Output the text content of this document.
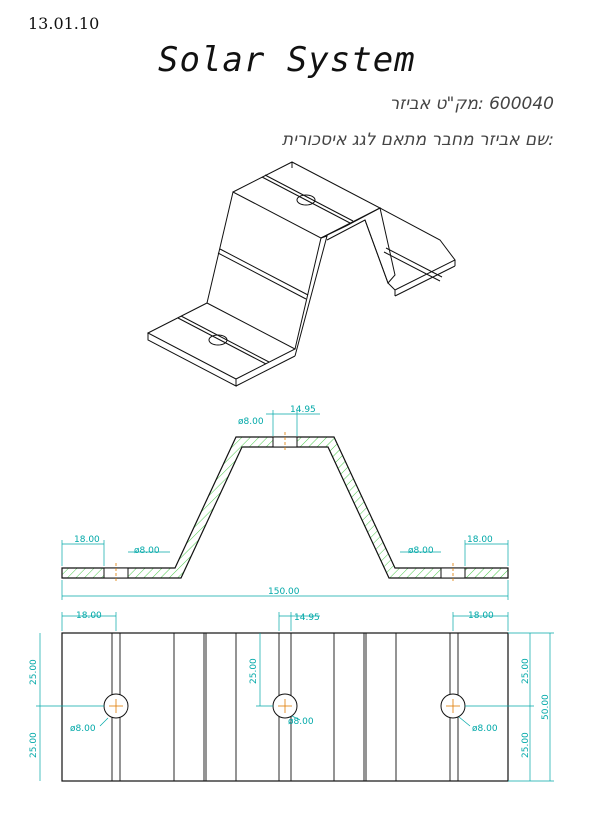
13.01.10
Solar System
מק"ט אביזר: 600040
שם אביזר: מחבר מתאם לגג איסכורית
ø8.00
14.95
18.00
ø8.00	ø8.00
18.00
150.00
18.00	14.95	18.00
25.00
25.00
25.00	25.00
25.00
50.00
ø8.00
ø8.00
ø8.00
